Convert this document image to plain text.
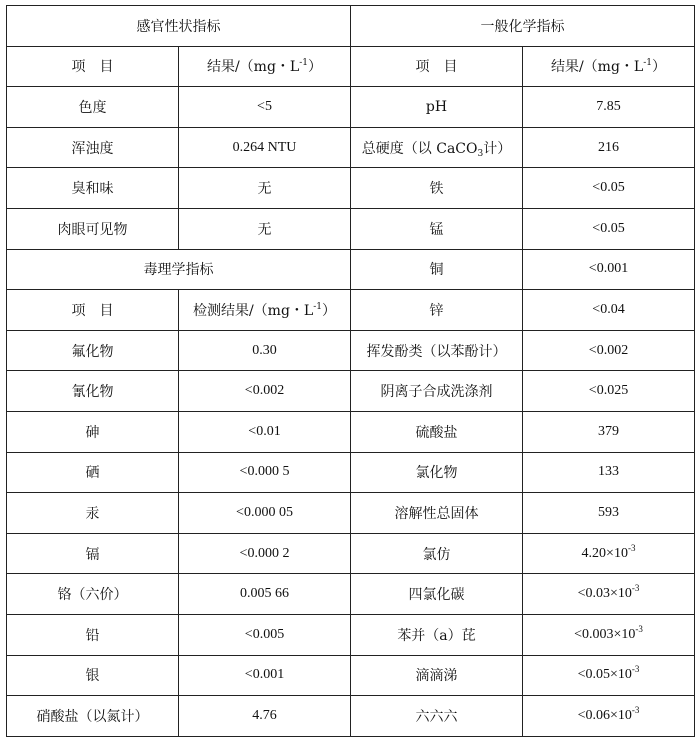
感官性状指标		一般化学指标	
项　目	结果/（mg・$L^{-1}$）	项　目	结果/（mg・$L^{-1}$）
色度	<5	pH	7.85
浑浊度	0.264 NTU	总硬度（以 CaCO$_3$计）	216
臭和味	无	铁	<0.05
肉眼可见物	无	锰	<0.05
毒理学指标		铜	<0.001
项　目	检测结果/（mg・$L^{-1}$）	锌	<0.04
氟化物	0.30	挥发酚类（以苯酚计）	<0.002
氰化物	<0.002	阴离子合成洗涤剂	<0.025
砷	<0.01	硫酸盐	379
硒	<0.000 5	氯化物	133
汞	<0.000 05	溶解性总固体	593
镉	<0.000 2	氯仿	$4.20\times 10^{-3}$
铬（六价）	0.005 66	四氯化碳	$<0.03\times 10^{-3}$
铅	<0.005	苯并（a）芘	$<0.003\times 10^{-3}$
银	<0.001	滴滴涕	$<0.05\times 10^{-3}$
硝酸盐（以氮计）	4.76	六六六	$<0.06\times 10^{-3}$
